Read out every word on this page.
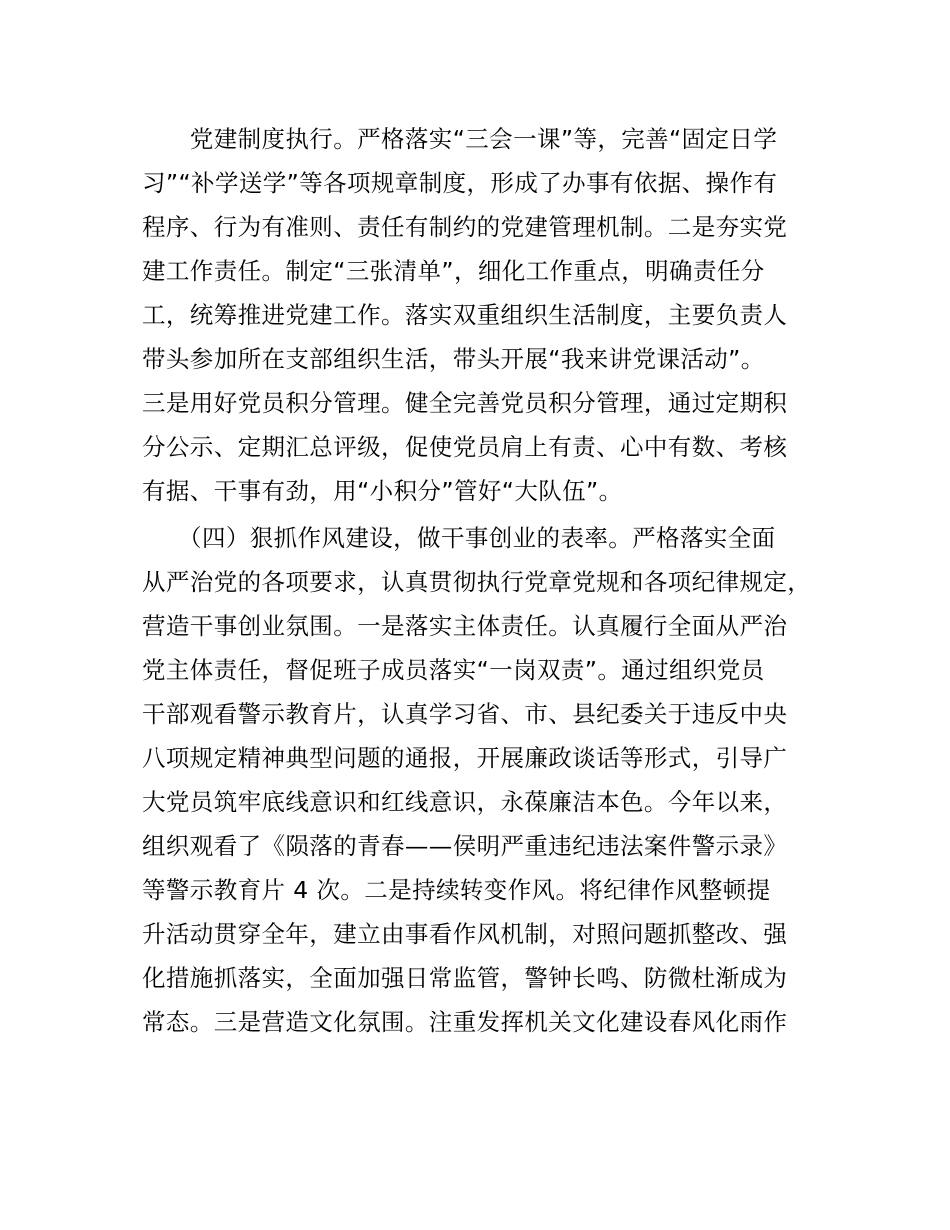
　　党建制度执行。严格落实“三会一课”等，完善“固定日学
习”“补学送学”等各项规章制度，形成了办事有依据、操作有
程序、行为有准则、责任有制约的党建管理机制。二是夯实党
建工作责任。制定“三张清单”，细化工作重点，明确责任分
工，统筹推进党建工作。落实双重组织生活制度，主要负责人
带头参加所在支部组织生活，带头开展“我来讲党课活动”。
三是用好党员积分管理。健全完善党员积分管理，通过定期积
分公示、定期汇总评级，促使党员肩上有责、心中有数、考核
有据、干事有劲，用“小积分”管好“大队伍”。
　　（四）狠抓作风建设，做干事创业的表率。严格落实全面
从严治党的各项要求，认真贯彻执行党章党规和各项纪律规定，
营造干事创业氛围。一是落实主体责任。认真履行全面从严治
党主体责任，督促班子成员落实“一岗双责”。通过组织党员
干部观看警示教育片，认真学习省、市、县纪委关于违反中央
八项规定精神典型问题的通报，开展廉政谈话等形式，引导广
大党员筑牢底线意识和红线意识，永葆廉洁本色。今年以来，
组织观看了《陨落的青春——侯明严重违纪违法案件警示录》
等警示教育片 4 次。二是持续转变作风。将纪律作风整顿提
升活动贯穿全年，建立由事看作风机制，对照问题抓整改、强
化措施抓落实，全面加强日常监管，警钟长鸣、防微杜渐成为
常态。三是营造文化氛围。注重发挥机关文化建设春风化雨作
